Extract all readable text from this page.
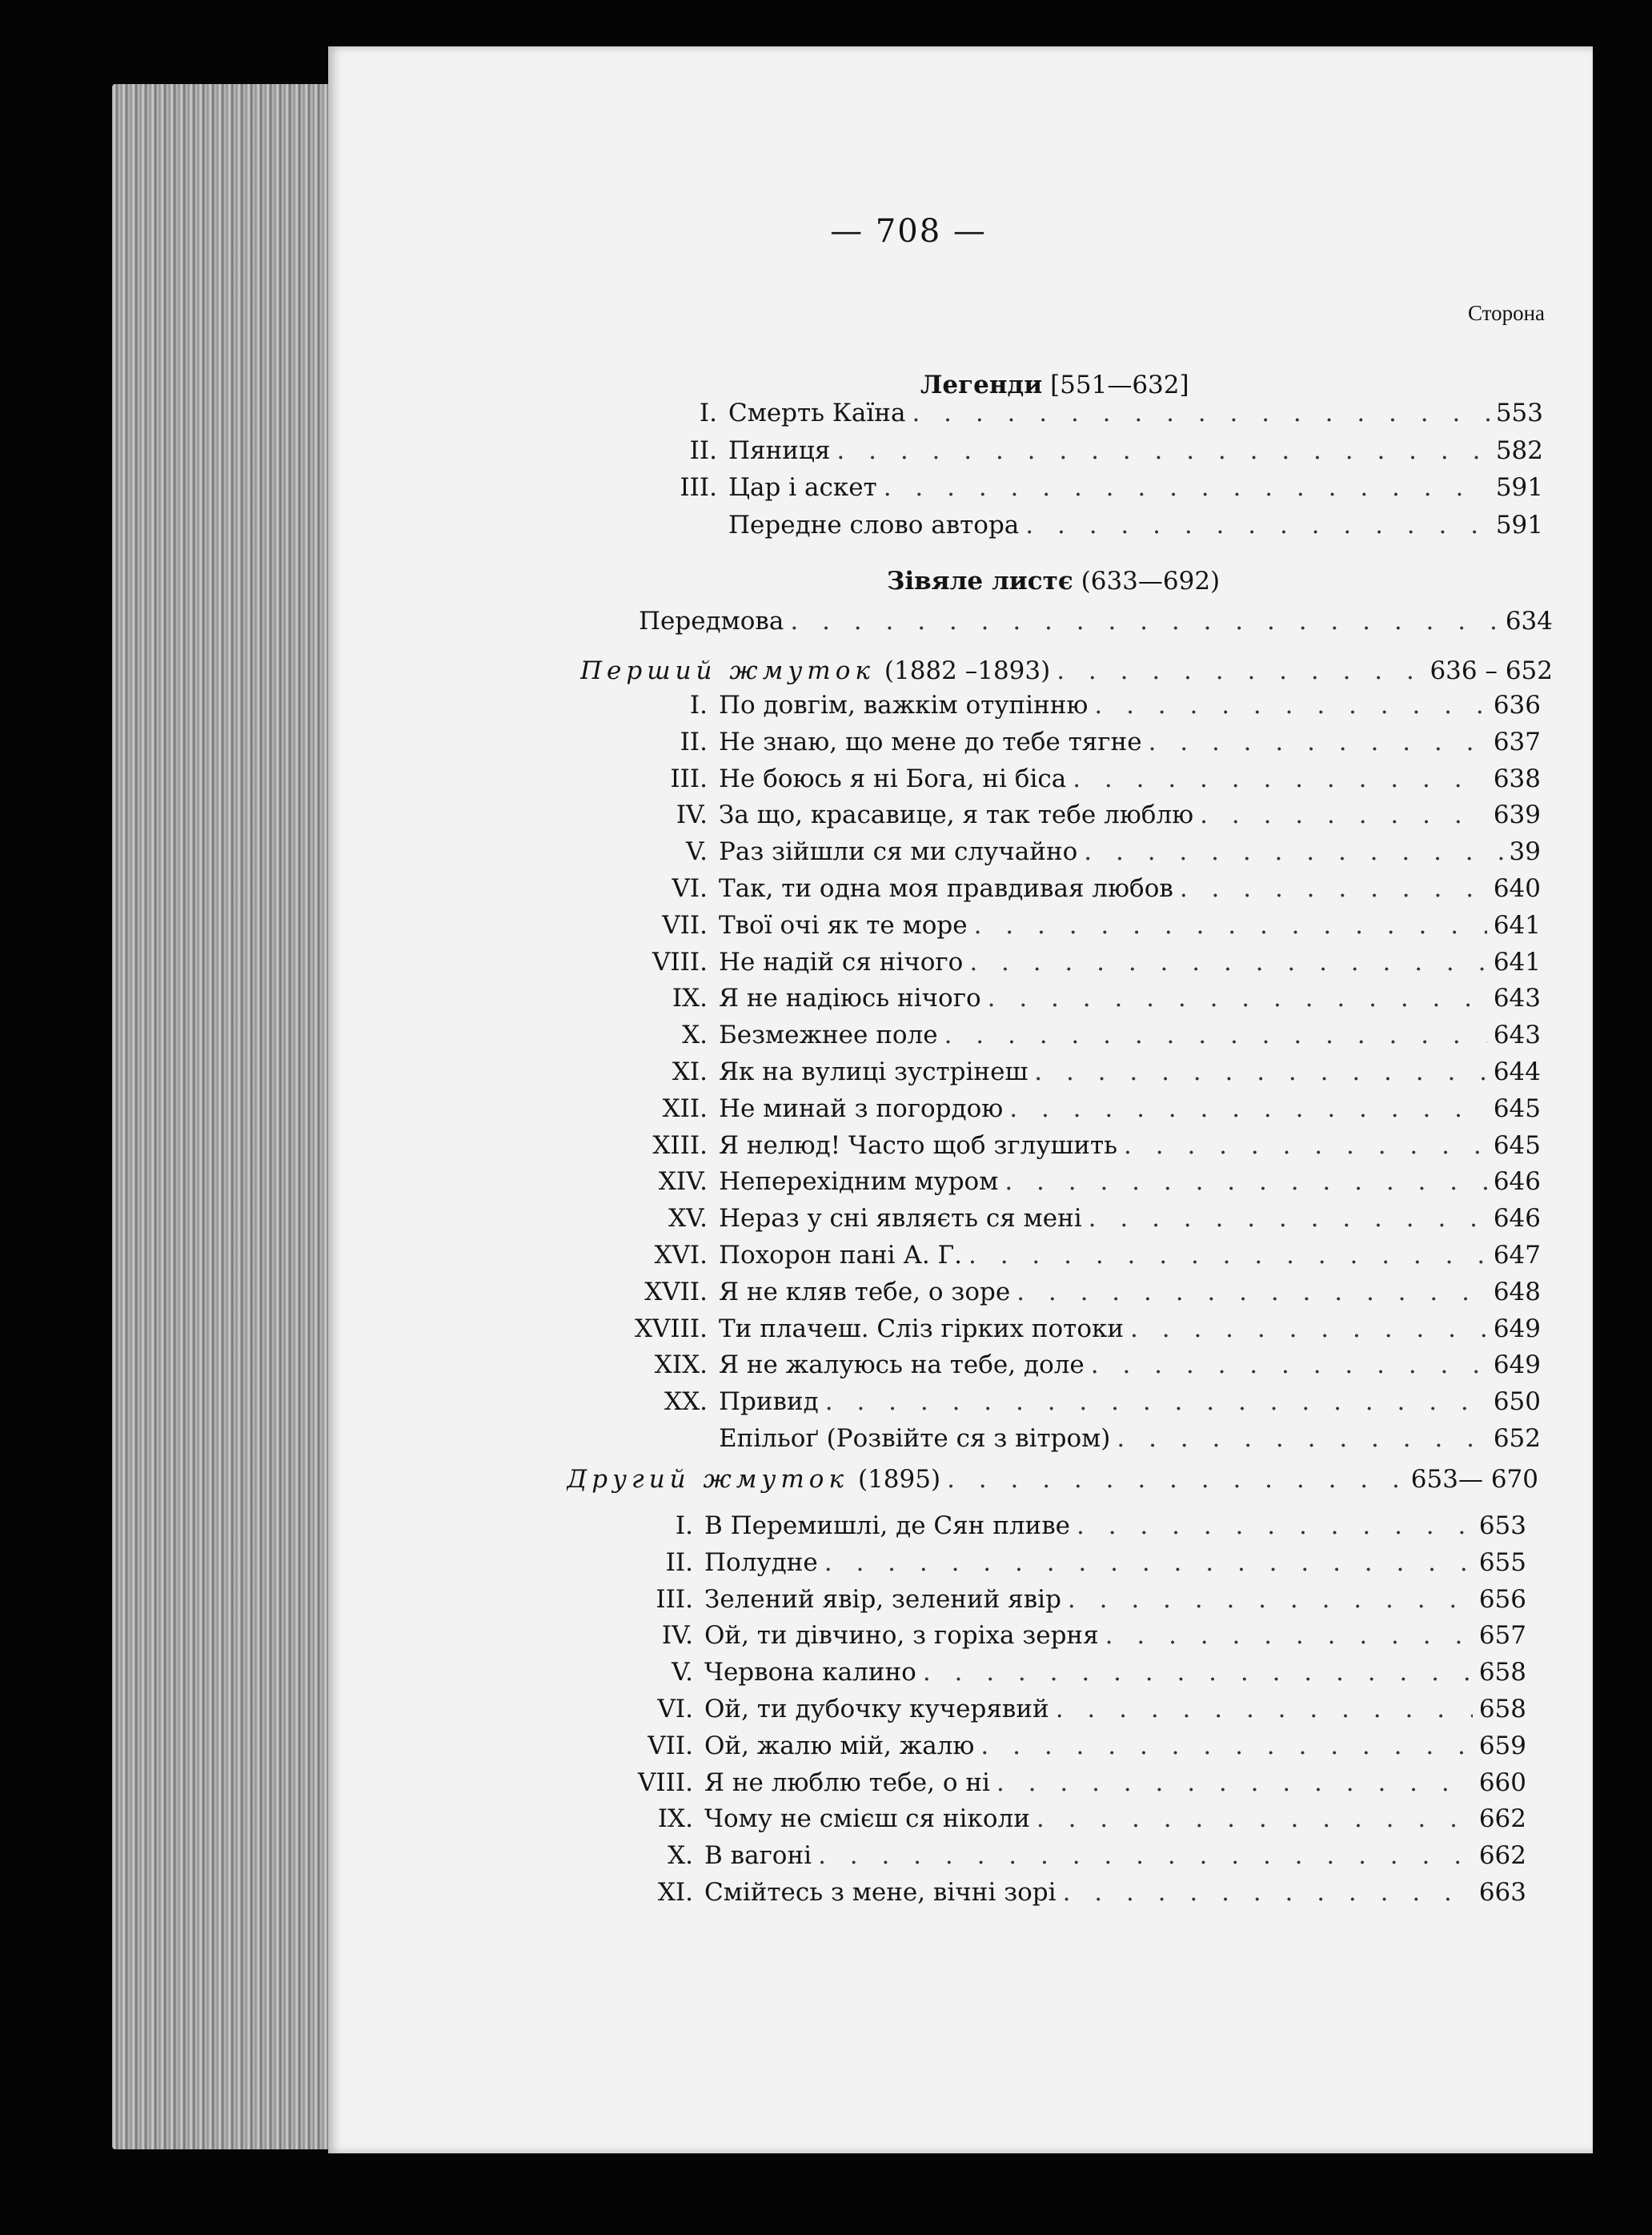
— 708 —
Сторона
Легенди [551—632]
I. Смерть Каїна . . .	553
II. Пяниця . . .	582
III. Цар і аскет . . .	591
Передне слово автора . . .	591
Зівяле листє (633—692)
Передмова . . .	634
Перший жмуток (1882 –1893) . . .	636 – 652
I. По довгім, важкім отупінню . . .	636
II. Не знаю, що мене до тебе тягне . . .	637
III. Не боюсь я ні Бога, ні біса . . .	638
IV. За що, красавице, я так тебе люблю . . .	639
V. Раз зійшли ся ми случайно . . .	39
VI. Так, ти одна моя правдивая любов . . .	640
VII. Твої очі як те море . . .	641
VIII. Не надій ся нічого . . .	641
IX. Я не надіюсь нічого . . .	643
X. Безмежнее поле . . .	643
XI. Як на вулиці зустрінеш . . .	644
XII. Не минай з погордою . . .	645
XIII. Я нелюд! Часто щоб зглушить . . .	645
XIV. Неперехідним муром . . .	646
XV. Нераз у сні являєть ся мені . . .	646
XVI. Похорон пані А. Г. . . .	647
XVII. Я не кляв тебе, о зоре . . .	648
XVIII. Ти плачеш. Сліз гірких потоки . . .	649
XIX. Я не жалуюсь на тебе, доле . . .	649
XX. Привид . . .	650
Епільоґ (Розвійте ся з вітром) . . .	652
Другий жмуток (1895) . . .	653— 670
I. В Перемишлі, де Сян пливе . . .	653
II. Полудне . . .	655
III. Зелений явір, зелений явір . . .	656
IV. Ой, ти дівчино, з горіха зерня . . .	657
V. Червона калино . . .	658
VI. Ой, ти дубочку кучерявий . . .	658
VII. Ой, жалю мій, жалю . . .	659
VIII. Я не люблю тебе, о ні . . .	660
IX. Чому не смієш ся ніколи . . .	662
X. В вагоні . . .	662
XI. Смійтесь з мене, вічні зорі . . .	663
